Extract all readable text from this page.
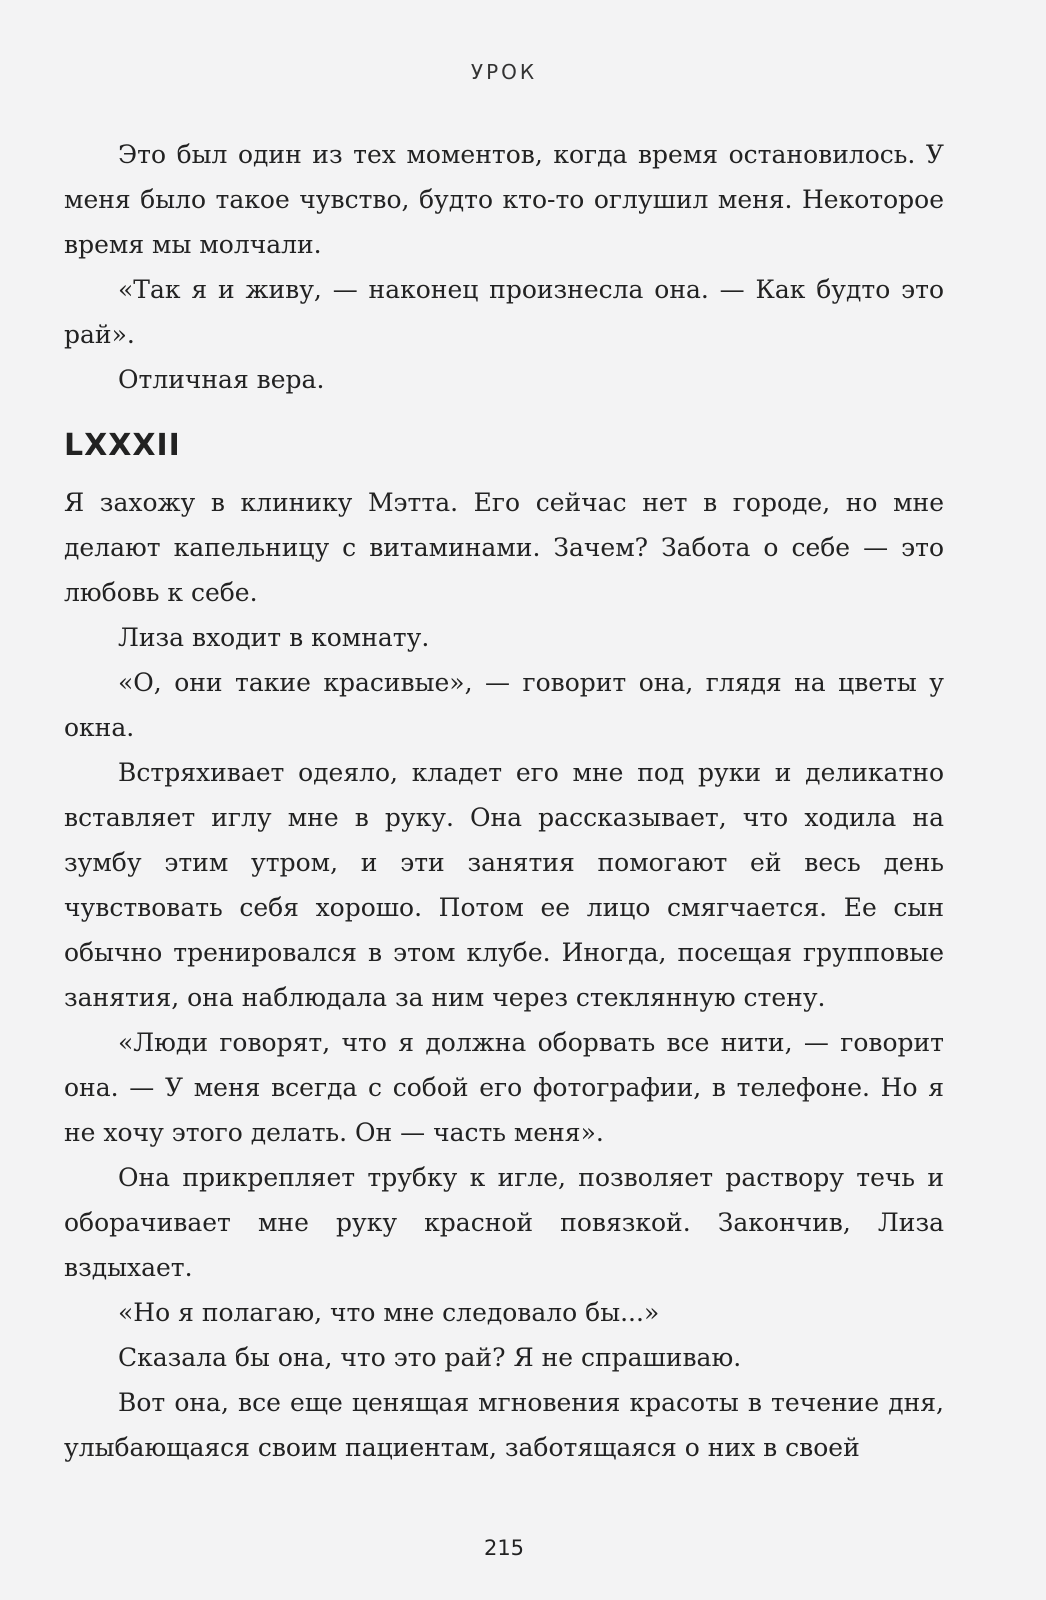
УРОК

Это был один из тех моментов, когда время остановилось. У меня было такое чувство, будто кто-то оглушил меня. Некоторое время мы молчали.

«Так я и живу, — наконец произнесла она. — Как будто это рай».

Отличная вера.

LXXXII

Я захожу в клинику Мэтта. Его сейчас нет в городе, но мне делают капельницу с витаминами. Зачем? Забота о себе — это любовь к себе.

Лиза входит в комнату.

«О, они такие красивые», — говорит она, глядя на цветы у окна.

Встряхивает одеяло, кладет его мне под руки и деликатно вставляет иглу мне в руку. Она рассказывает, что ходила на зумбу этим утром, и эти занятия помогают ей весь день чувствовать себя хорошо. Потом ее лицо смягчается. Ее сын обычно тренировался в этом клубе. Иногда, посещая групповые занятия, она наблюдала за ним через стеклянную стену.

«Люди говорят, что я должна оборвать все нити, — говорит она. — У меня всегда с собой его фотографии, в телефоне. Но я не хочу этого делать. Он — часть меня».

Она прикрепляет трубку к игле, позволяет раствору течь и оборачивает мне руку красной повязкой. Закончив, Лиза вздыхает.

«Но я полагаю, что мне следовало бы...»

Сказала бы она, что это рай? Я не спрашиваю.

Вот она, все еще ценящая мгновения красоты в течение дня, улыбающаяся своим пациентам, заботящаяся о них в своей

215
